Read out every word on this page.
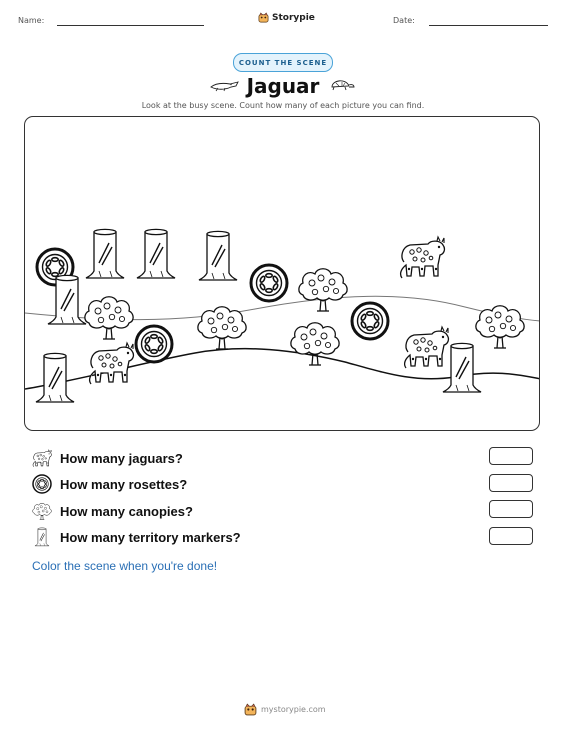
Name:	Storypie	Date:
COUNT THE SCENE
Jaguar
Look at the busy scene. Count how many of each picture you can find.
How many jaguars?
How many rosettes?
How many canopies?
How many territory markers?
Color the scene when you're done!
mystorypie.com
